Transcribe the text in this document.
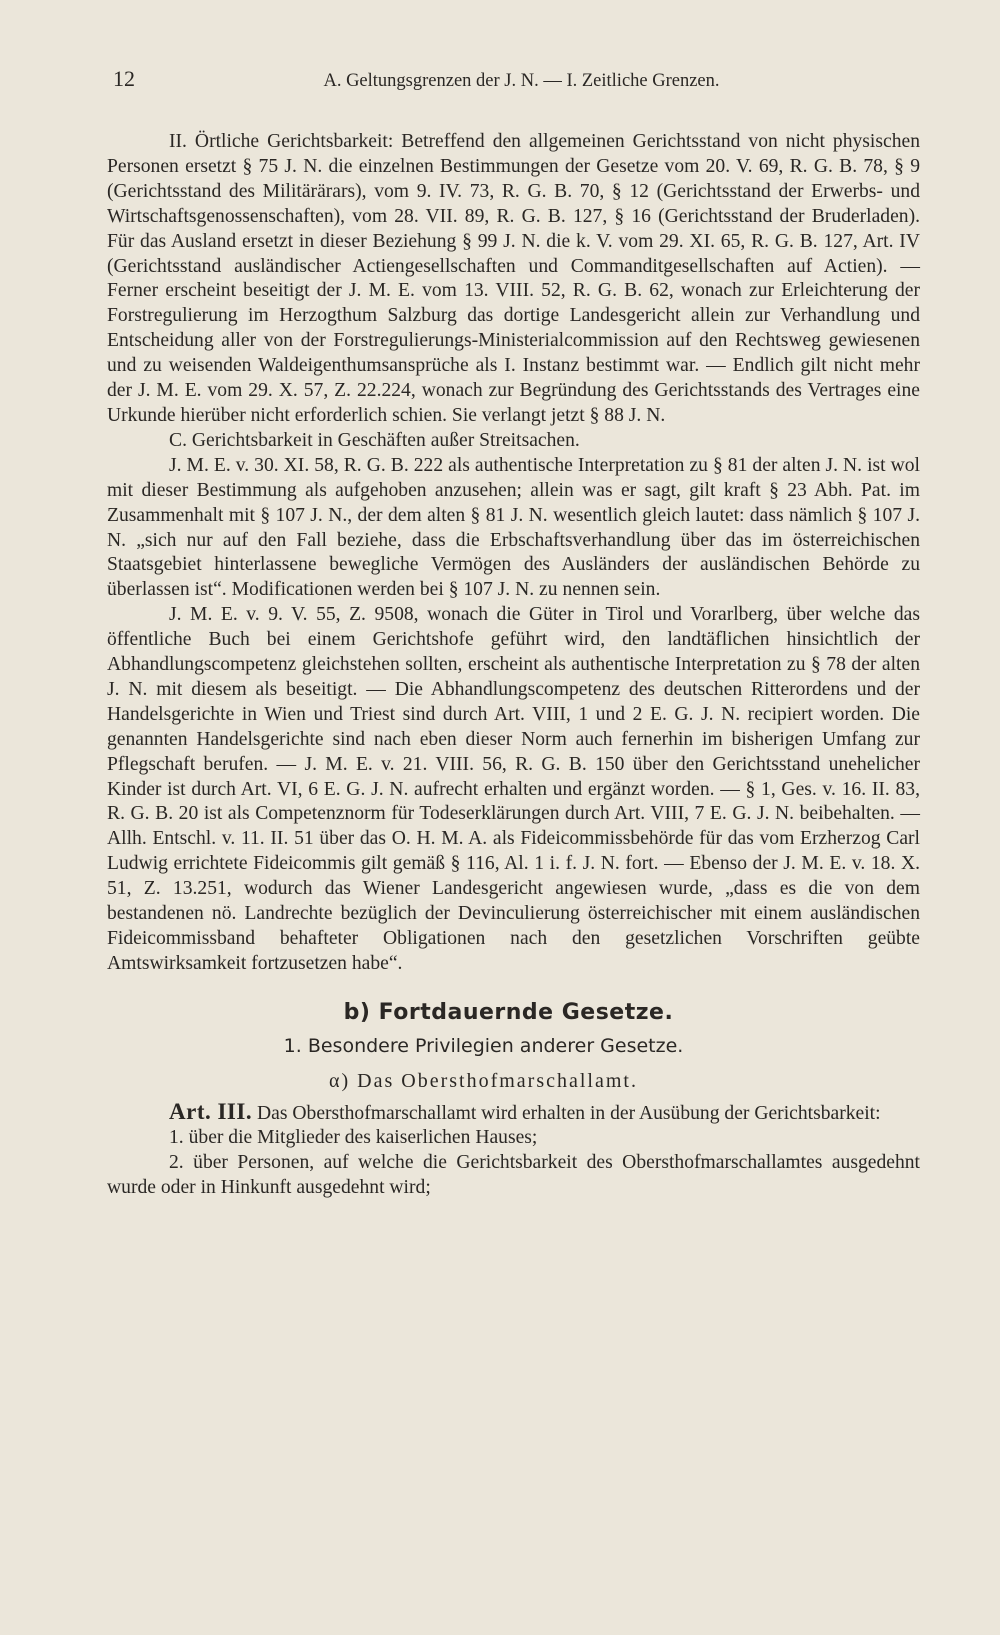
12	A. Geltungsgrenzen der J. N. — I. Zeitliche Grenzen.

II. Örtliche Gerichtsbarkeit: Betreffend den allgemeinen Gerichtsstand von nicht physischen Personen ersetzt § 75 J. N. die einzelnen Bestimmungen der Gesetze vom 20. V. 69, R. G. B. 78, § 9 (Gerichtsstand des Militärärars), vom 9. IV. 73, R. G. B. 70, § 12 (Gerichtsstand der Erwerbs- und Wirtschaftsgenossenschaften), vom 28. VII. 89, R. G. B. 127, § 16 (Gerichtsstand der Bruderladen). Für das Ausland ersetzt in dieser Beziehung § 99 J. N. die k. V. vom 29. XI. 65, R. G. B. 127, Art. IV (Gerichtsstand ausländischer Actiengesellschaften und Commanditgesellschaften auf Actien). — Ferner erscheint beseitigt der J. M. E. vom 13. VIII. 52, R. G. B. 62, wonach zur Erleichterung der Forstregulierung im Herzogthum Salzburg das dortige Landesgericht allein zur Verhandlung und Entscheidung aller von der Forstregulierungs-Ministerialcommission auf den Rechtsweg gewiesenen und zu weisenden Waldeigenthumsansprüche als I. Instanz bestimmt war. — Endlich gilt nicht mehr der J. M. E. vom 29. X. 57, Z. 22.224, wonach zur Begründung des Gerichtsstands des Vertrages eine Urkunde hierüber nicht erforderlich schien. Sie verlangt jetzt § 88 J. N.

C. Gerichtsbarkeit in Geschäften außer Streitsachen.

J. M. E. v. 30. XI. 58, R. G. B. 222 als authentische Interpretation zu § 81 der alten J. N. ist wol mit dieser Bestimmung als aufgehoben anzusehen; allein was er sagt, gilt kraft § 23 Abh. Pat. im Zusammenhalt mit § 107 J. N., der dem alten § 81 J. N. wesentlich gleich lautet: dass nämlich § 107 J. N. „sich nur auf den Fall beziehe, dass die Erbschaftsverhandlung über das im österreichischen Staatsgebiet hinterlassene bewegliche Vermögen des Ausländers der ausländischen Behörde zu überlassen ist“. Modificationen werden bei § 107 J. N. zu nennen sein.

J. M. E. v. 9. V. 55, Z. 9508, wonach die Güter in Tirol und Vorarlberg, über welche das öffentliche Buch bei einem Gerichtshofe geführt wird, den landtäflichen hinsichtlich der Abhandlungscompetenz gleichstehen sollten, erscheint als authentische Interpretation zu § 78 der alten J. N. mit diesem als beseitigt. — Die Abhandlungscompetenz des deutschen Ritterordens und der Handelsgerichte in Wien und Triest sind durch Art. VIII, 1 und 2 E. G. J. N. recipiert worden. Die genannten Handelsgerichte sind nach eben dieser Norm auch fernerhin im bisherigen Umfang zur Pflegschaft berufen. — J. M. E. v. 21. VIII. 56, R. G. B. 150 über den Gerichtsstand unehelicher Kinder ist durch Art. VI, 6 E. G. J. N. aufrecht erhalten und ergänzt worden. — § 1, Ges. v. 16. II. 83, R. G. B. 20 ist als Competenznorm für Todeserklärungen durch Art. VIII, 7 E. G. J. N. beibehalten. — Allh. Entschl. v. 11. II. 51 über das O. H. M. A. als Fideicommissbehörde für das vom Erzherzog Carl Ludwig errichtete Fideicommis gilt gemäß § 116, Al. 1 i. f. J. N. fort. — Ebenso der J. M. E. v. 18. X. 51, Z. 13.251, wodurch das Wiener Landesgericht angewiesen wurde, „dass es die von dem bestandenen nö. Landrechte bezüglich der Devinculierung österreichischer mit einem ausländischen Fideicommissband behafteter Obligationen nach den gesetzlichen Vorschriften geübte Amtswirksamkeit fortzusetzen habe“.

b) Fortdauernde Gesetze.
1. Besondere Privilegien anderer Gesetze.
α) Das Obersthofmarschallamt.

Art. III. Das Obersthofmarschallamt wird erhalten in der Ausübung der Gerichtsbarkeit:

1. über die Mitglieder des kaiserlichen Hauses;

2. über Personen, auf welche die Gerichtsbarkeit des Obersthofmarschallamtes ausgedehnt wurde oder in Hinkunft ausgedehnt wird;
